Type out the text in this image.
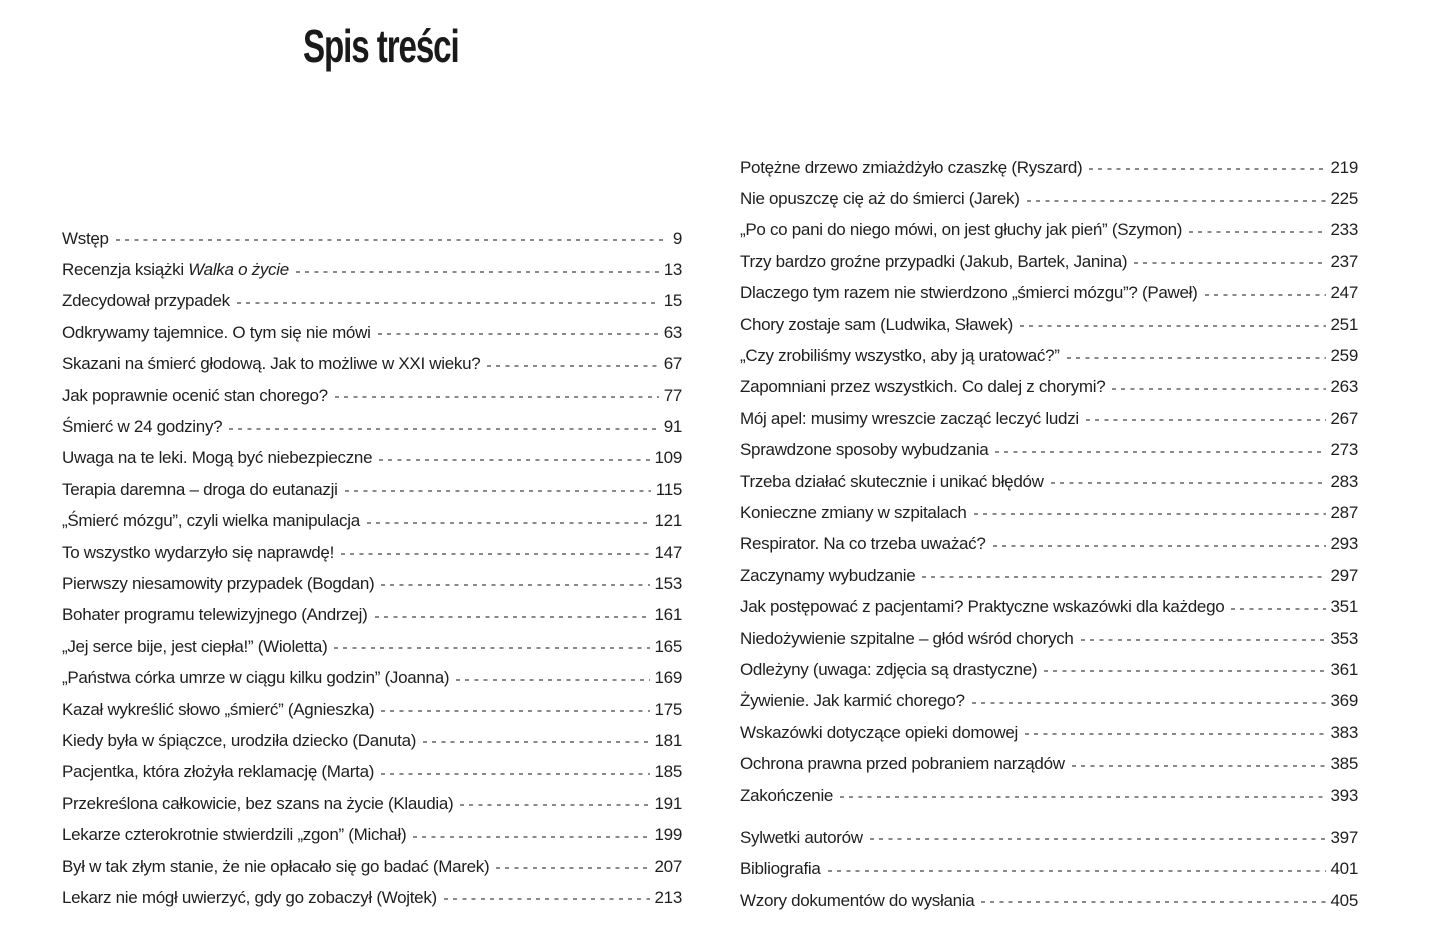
Spis treści
Wstęp	9
Recenzja książki Walka o życie	13
Zdecydował przypadek	15
Odkrywamy tajemnice. O tym się nie mówi	63
Skazani na śmierć głodową. Jak to możliwe w XXI wieku?	67
Jak poprawnie ocenić stan chorego?	77
Śmierć w 24 godziny?	91
Uwaga na te leki. Mogą być niebezpieczne	109
Terapia daremna – droga do eutanazji	115
„Śmierć mózgu”, czyli wielka manipulacja	121
To wszystko wydarzyło się naprawdę!	147
Pierwszy niesamowity przypadek (Bogdan)	153
Bohater programu telewizyjnego (Andrzej)	161
„Jej serce bije, jest ciepła!” (Wioletta)	165
„Państwa córka umrze w ciągu kilku godzin” (Joanna)	169
Kazał wykreślić słowo „śmierć” (Agnieszka)	175
Kiedy była w śpiączce, urodziła dziecko (Danuta)	181
Pacjentka, która złożyła reklamację (Marta)	185
Przekreślona całkowicie, bez szans na życie (Klaudia)	191
Lekarze czterokrotnie stwierdzili „zgon” (Michał)	199
Był w tak złym stanie, że nie opłacało się go badać (Marek)	207
Lekarz nie mógł uwierzyć, gdy go zobaczył (Wojtek)	213
Potężne drzewo zmiażdżyło czaszkę (Ryszard)	219
Nie opuszczę cię aż do śmierci (Jarek)	225
„Po co pani do niego mówi, on jest głuchy jak pień” (Szymon)	233
Trzy bardzo groźne przypadki (Jakub, Bartek, Janina)	237
Dlaczego tym razem nie stwierdzono „śmierci mózgu”? (Paweł)	247
Chory zostaje sam (Ludwika, Sławek)	251
„Czy zrobiliśmy wszystko, aby ją uratować?”	259
Zapomniani przez wszystkich. Co dalej z chorymi?	263
Mój apel: musimy wreszcie zacząć leczyć ludzi	267
Sprawdzone sposoby wybudzania	273
Trzeba działać skutecznie i unikać błędów	283
Konieczne zmiany w szpitalach	287
Respirator. Na co trzeba uważać?	293
Zaczynamy wybudzanie	297
Jak postępować z pacjentami? Praktyczne wskazówki dla każdego	351
Niedożywienie szpitalne – głód wśród chorych	353
Odleżyny (uwaga: zdjęcia są drastyczne)	361
Żywienie. Jak karmić chorego?	369
Wskazówki dotyczące opieki domowej	383
Ochrona prawna przed pobraniem narządów	385
Zakończenie	393
Sylwetki autorów	397
Bibliografia	401
Wzory dokumentów do wysłania	405
